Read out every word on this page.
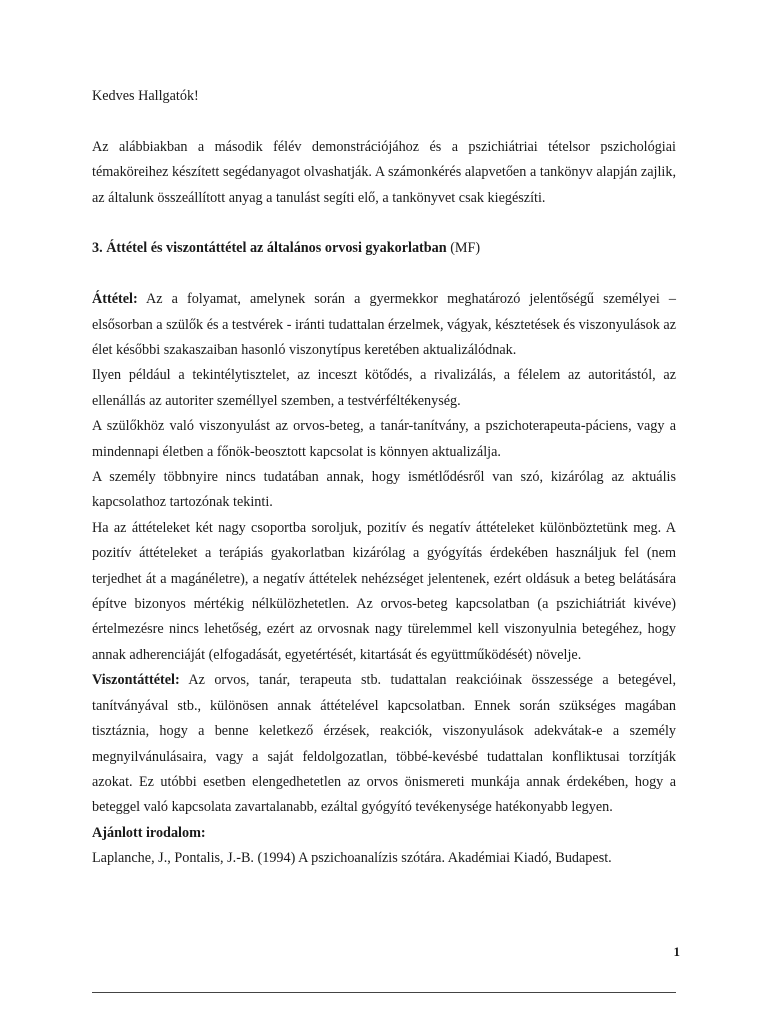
Kedves Hallgatók!

Az alábbiakban a második félév demonstrációjához és a pszichiátriai tételsor pszichológiai témaköreihez készített segédanyagot olvashatják. A számonkérés alapvetően a tankönyv alapján zajlik, az általunk összeállított anyag a tanulást segíti elő, a tankönyvet csak kiegészíti.

3. Áttétel és viszontáttétel az általános orvosi gyakorlatban (MF)

Áttétel: Az a folyamat, amelynek során a gyermekkor meghatározó jelentőségű személyei – elsősorban a szülők és a testvérek - iránti tudattalan érzelmek, vágyak, késztetések és viszonyulások az élet későbbi szakaszaiban hasonló viszonytípus keretében aktualizálódnak.

Ilyen például a tekintélytisztelet, az inceszt kötődés, a rivalizálás, a félelem az autoritástól, az ellenállás az autoriter személlyel szemben, a testvérféltékenység.

A szülőkhöz való viszonyulást az orvos-beteg, a tanár-tanítvány, a pszichoterapeuta-páciens, vagy a mindennapi életben a főnök-beosztott kapcsolat is könnyen aktualizálja.

A személy többnyire nincs tudatában annak, hogy ismétlődésről van szó, kizárólag az aktuális kapcsolathoz tartozónak tekinti.

Ha az áttételeket két nagy csoportba soroljuk, pozitív és negatív áttételeket különböztetünk meg. A pozitív áttételeket a terápiás gyakorlatban kizárólag a gyógyítás érdekében használjuk fel (nem terjedhet át a magánéletre), a negatív áttételek nehézséget jelentenek, ezért oldásuk a beteg belátására építve bizonyos mértékig nélkülözhetetlen. Az orvos-beteg kapcsolatban (a pszichiátriát kivéve) értelmezésre nincs lehetőség, ezért az orvosnak nagy türelemmel kell viszonyulnia betegéhez, hogy annak adherenciáját (elfogadását, egyetértését, kitartását és együttműködését) növelje.

Viszontáttétel: Az orvos, tanár, terapeuta stb. tudattalan reakcióinak összessége a betegével, tanítványával stb., különösen annak áttételével kapcsolatban. Ennek során szükséges magában tisztáznia, hogy a benne keletkező érzések, reakciók, viszonyulások adekvátak-e a személy megnyilvánulásaira, vagy a saját feldolgozatlan, többé-kevésbé tudattalan konfliktusai torzítják azokat. Ez utóbbi esetben elengedhetetlen az orvos önismereti munkája annak érdekében, hogy a beteggel való kapcsolata zavartalanabb, ezáltal gyógyító tevékenysége hatékonyabb legyen.

Ajánlott irodalom:

Laplanche, J., Pontalis, J.-B. (1994) A pszichoanalízis szótára. Akadémiai Kiadó, Budapest.

1
